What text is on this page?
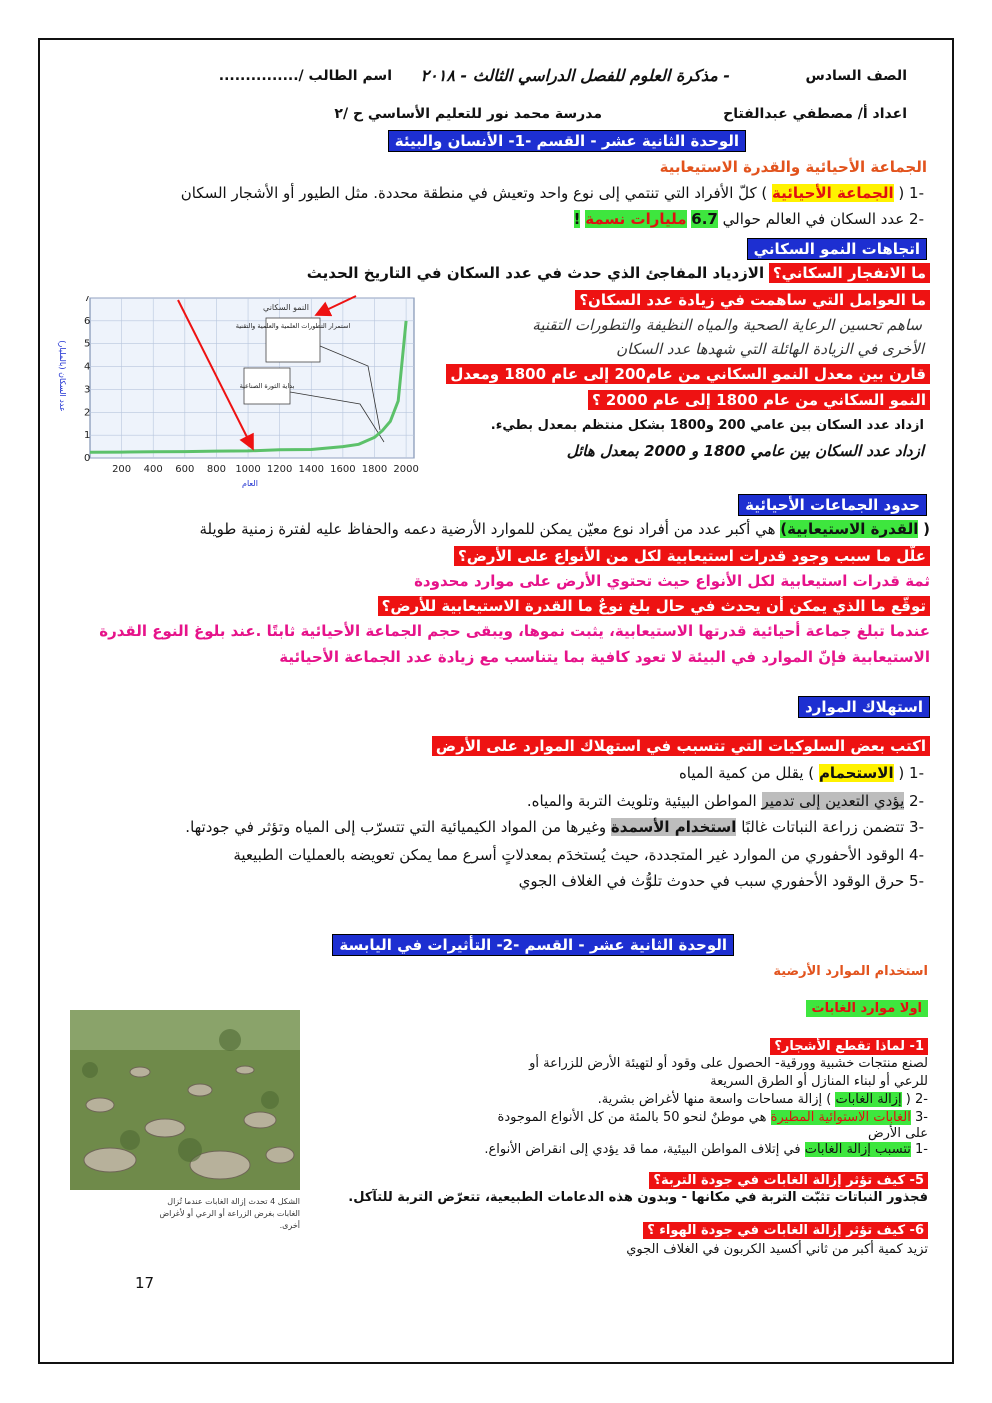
الصف السادس
- مذكرة العلوم للفصل الدراسي الثالث - ٢٠١٨
اسم الطالب /...............
اعداد أ/ مصطفي عبدالفتاح
مدرسة محمد نور للتعليم الأساسي ح /٢
الوحدة الثانية عشر - القسم -1- الأنسان والبيئة
الجماعة الأحيائية والقدرة الاستيعابية
-1 ( الجماعة الأحيائية ) كلّ الأفراد التي تنتمي إلى نوع واحد وتعيش في منطقة محددة. مثل الطيور أو الأشجار السكان
-2 عدد السكان في العالم حوالي 6.7 مليارات نسمة !
اتجاهات النمو السكاني
ما الانفجار السكاني؟ الازدياد المفاجئ الذي حدث في عدد السكان في التاريخ الحديث
ما العوامل التي ساهمت في زيادة عدد السكان؟
ساهم تحسين الرعاية الصحية والمياه النظيفة والتطورات التقنية
الأخرى في الزيادة الهائلة التي شهدها عدد السكان
قارن بين معدل النمو السكاني من عام200 إلى عام 1800 ومعدل
النمو السكاني من عام 1800 إلى عام 2000 ؟
ازداد عدد السكان بين عامي 200 و1800 بشكل منتظم بمعدل بطيء.
ازداد عدد السكان بين عامي 1800 و 2000 بمعدل هائل
0
1
2
3
4
5
6
7
200 400 600 800 1000 1200 1400 1600 1800 2000
النمو السكاني
استمرار التطورات العلمية والعلمية والتقنية
بداية الثورة الصناعية
العام
عدد السكان (بالمليار)
حدود الجماعات الأحيائية
( القدرة الاستيعابية) هي أكبر عدد من أفراد نوع معيّن يمكن للموارد الأرضية دعمه والحفاظ عليه لفترة زمنية طويلة
علّل ما سبب وجود قدرات استيعابية لكل من الأنواع على الأرض؟
ثمة قدرات استيعابية لكل الأنواع حيث تحتوي الأرض على موارد محدودة
توقّع ما الذي يمكن أن يحدث في حال بلغ نوعٌ ما القدرة الاستيعابية للأرض؟
عندما تبلغ جماعة أحيائية قدرتها الاستيعابية، يثبت نموها، ويبقى حجم الجماعة الأحيائية ثابتًا .عند بلوغ النوع القدرة
الاستيعابية فإنّ الموارد في البيئة لا تعود كافية بما يتناسب مع زيادة عدد الجماعة الأحيائية
استهلاك الموارد
اكتب بعض السلوكيات التي تتسبب في استهلاك الموارد على الأرض
-1 ( الاستحمام ) يقلل من كمية المياه
-2 يؤدي التعدين إلى تدمير المواطن البيئية وتلويث التربة والمياه.
-3 تتضمن زراعة النباتات غالبًا استخدام الأسمدة وغيرها من المواد الكيميائية التي تتسرّب إلى المياه وتؤثر في جودتها.
-4 الوقود الأحفوري من الموارد غير المتجددة، حيث يُستخدَم بمعدلاتٍ أسرع مما يمكن تعويضه بالعمليات الطبيعية
-5 حرق الوقود الأحفوري سبب في حدوث تلوُّث في الغلاف الجوي
الوحدة الثانية عشر - القسم -2- التأثيرات في اليابسة
استخدام الموارد الأرضية
اولا موارد الغابات
1- لماذا تقطع الأشجار؟
لصنع منتجات خشبية وورقية- الحصول على وقود أو لتهيئة الأرض للزراعة أو
للرعي أو لبناء المنازل أو الطرق السريعة
-2 ( إزالة الغابات ) إزالة مساحات واسعة منها لأغراض بشرية.
-3 الغابات الاستوائية المطيرة هي موطنٌ لنحو 50 بالمئة من كل الأنواع الموجودة
على الأرض
-1 تتسبب إزالة الغابات في إتلاف المواطن البيئية، مما قد يؤدي إلى انقراض الأنواع.
5- كيف تؤثر إزالة الغابات في جودة التربة؟
فجذور النباتات تثبّت التربة في مكانها - وبدون هذه الدعامات الطبيعية، تتعرّض التربة للتآكل.
6- كيف تؤثر إزالة الغابات في جودة الهواء ؟
تزيد كمية أكبر من ثاني أكسيد الكربون في الغلاف الجوي
الشكل 4 تحدث إزالة الغابات عندما تُزال
الغابات بغرض الزراعة أو الرعي أو لأغراض
أخرى.
17
